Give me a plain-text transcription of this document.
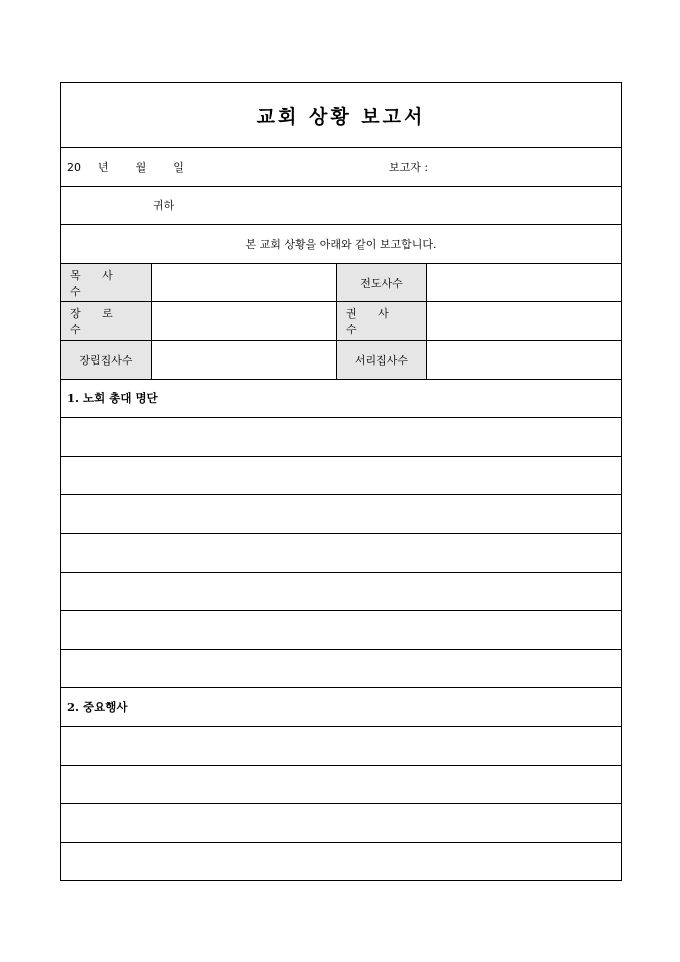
교회 상황 보고서
20 년 월 일	보고자 :
귀하
본 교회 상황을 아래와 같이 보고합니다.
목 사 수
전도사수
장 로 수
권 사 수
장립집사수	서리집사수
1. 노회 총대 명단
2. 중요행사
